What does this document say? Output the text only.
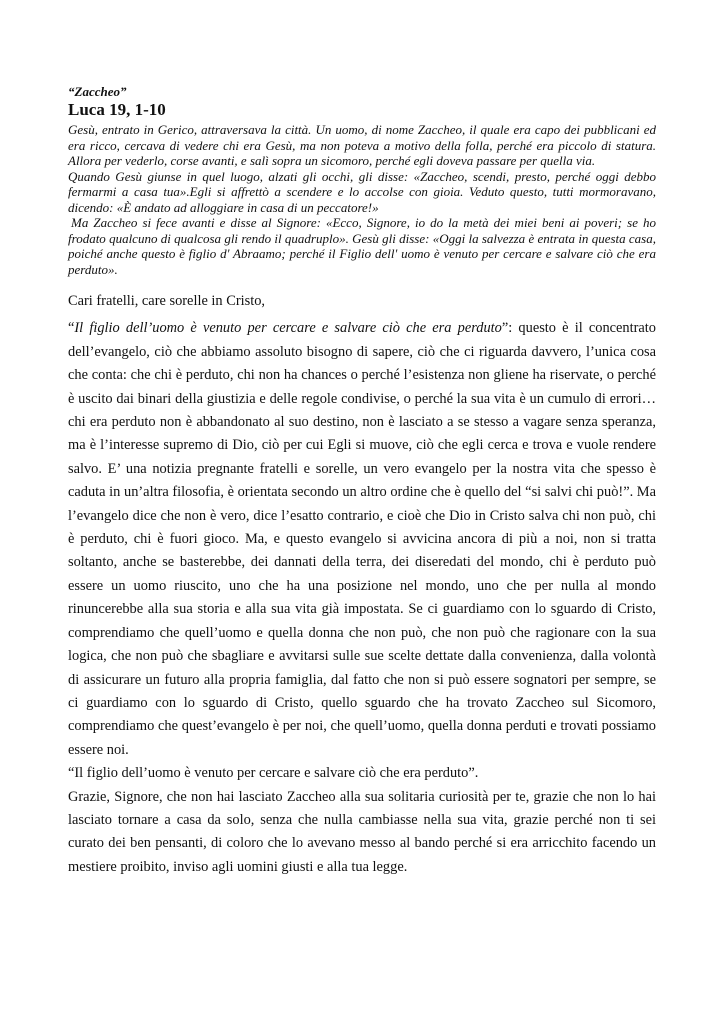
“Zaccheo”
Luca 19, 1-10

Gesù, entrato in Gerico, attraversava la città. Un uomo, di nome Zaccheo, il quale era capo dei pubblicani ed era ricco, cercava di vedere chi era Gesù, ma non poteva a motivo della folla, perché era piccolo di statura. Allora per vederlo, corse avanti, e salì sopra un sicomoro, perché egli doveva passare per quella via.

Quando Gesù giunse in quel luogo, alzati gli occhi, gli disse: «Zaccheo, scendi, presto, perché oggi debbo fermarmi a casa tua».Egli si affrettò a scendere e lo accolse con gioia. Veduto questo, tutti mormoravano, dicendo: «È andato ad alloggiare in casa di un peccatore!»

Ma Zaccheo si fece avanti e disse al Signore: «Ecco, Signore, io do la metà dei miei beni ai poveri; se ho frodato qualcuno di qualcosa gli rendo il quadruplo». Gesù gli disse: «Oggi la salvezza è entrata in questa casa, poiché anche questo è figlio d' Abraamo; perché il Figlio dell' uomo è venuto per cercare e salvare ciò che era perduto».

Cari fratelli, care sorelle in Cristo,

“Il figlio dell’uomo è venuto per cercare e salvare ciò che era perduto”: questo è il concentrato dell’evangelo, ciò che abbiamo assoluto bisogno di sapere, ciò che ci riguarda davvero, l’unica cosa che conta: che chi è perduto, chi non ha chances o perché l’esistenza non gliene ha riservate, o perché è uscito dai binari della giustizia e delle regole condivise, o perché la sua vita è un cumulo di errori… chi era perduto non è abbandonato al suo destino, non è lasciato a se stesso a vagare senza speranza, ma è l’interesse supremo di Dio, ciò per cui Egli si muove, ciò che egli cerca e trova e vuole rendere salvo. E’ una notizia pregnante fratelli e sorelle, un vero evangelo per la nostra vita che spesso è caduta in un’altra filosofia, è orientata secondo un altro ordine che è quello del “si salvi chi può!”. Ma l’evangelo dice che non è vero, dice l’esatto contrario, e cioè che Dio in Cristo salva chi non può, chi è perduto, chi è fuori gioco. Ma, e questo evangelo si avvicina ancora di più a noi, non si tratta soltanto, anche se basterebbe, dei dannati della terra, dei diseredati del mondo, chi è perduto può essere un uomo riuscito, uno che ha una posizione nel mondo, uno che per nulla al mondo rinuncerebbe alla sua storia e alla sua vita già impostata. Se ci guardiamo con lo sguardo di Cristo, comprendiamo che quell’uomo e quella donna che non può, che non può che ragionare con la sua logica, che non può che sbagliare e avvitarsi sulle sue scelte dettate dalla convenienza, dalla volontà di assicurare un futuro alla propria famiglia, dal fatto che non si può essere sognatori per sempre, se ci guardiamo con lo sguardo di Cristo, quello sguardo che ha trovato Zaccheo sul Sicomoro, comprendiamo che quest’evangelo è per noi, che quell’uomo, quella donna perduti e trovati possiamo essere noi.

“Il figlio dell’uomo è venuto per cercare e salvare ciò che era perduto”.

Grazie, Signore, che non hai lasciato Zaccheo alla sua solitaria curiosità per te, grazie che non lo hai lasciato tornare a casa da solo, senza che nulla cambiasse nella sua vita, grazie perché non ti sei curato dei ben pensanti, di coloro che lo avevano messo al bando perché si era arricchito facendo un mestiere proibito, inviso agli uomini giusti e alla tua legge.
